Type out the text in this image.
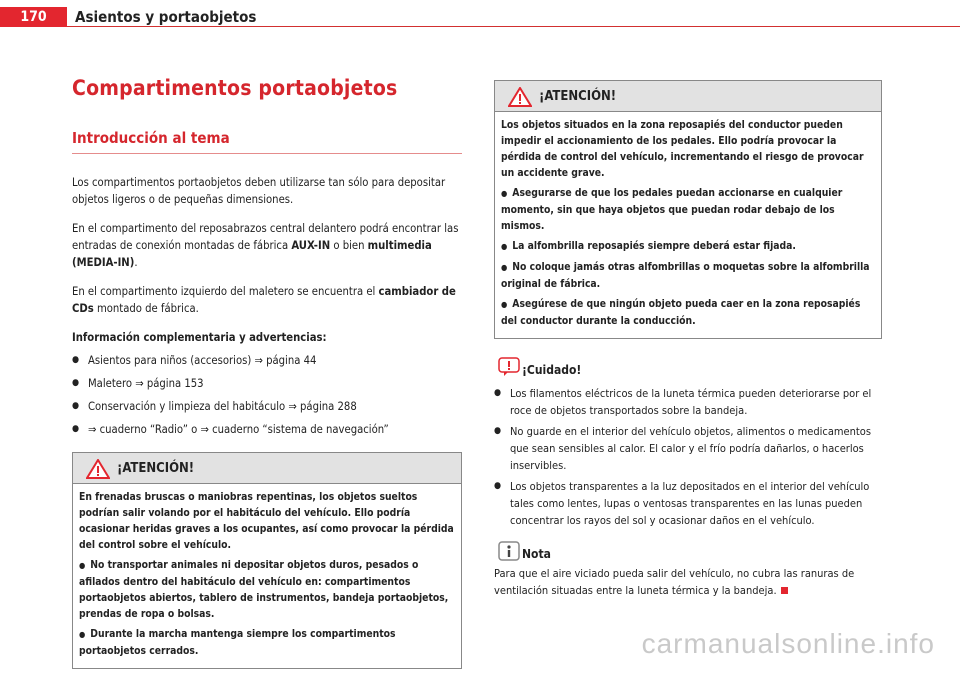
170	Asientos y portaobjetos
Compartimentos portaobjetos
Introducción al tema

Los compartimentos portaobjetos deben utilizarse tan sólo para depositar objetos ligeros o de pequeñas dimensiones.

En el compartimento del reposabrazos central delantero podrá encontrar las entradas de conexión montadas de fábrica AUX-IN o bien multimedia (MEDIA-IN).

En el compartimento izquierdo del maletero se encuentra el cambiador de CDs montado de fábrica.

Información complementaria y advertencias:

● Asientos para niños (accesorios) ⇒ página 44
● Maletero ⇒ página 153
● Conservación y limpieza del habitáculo ⇒ página 288
● ⇒ cuaderno “Radio” o ⇒ cuaderno “sistema de navegación”
¡ATENCIÓN!

En frenadas bruscas o maniobras repentinas, los objetos sueltos podrían salir volando por el habitáculo del vehículo. Ello podría ocasionar heridas graves a los ocupantes, así como provocar la pérdida del control sobre el vehículo.

● No transportar animales ni depositar objetos duros, pesados o afilados dentro del habitáculo del vehículo en: compartimentos portaobjetos abiertos, tablero de instrumentos, bandeja portaobjetos, prendas de ropa o bolsas.
● Durante la marcha mantenga siempre los compartimentos portaobjetos cerrados.
¡ATENCIÓN!

Los objetos situados en la zona reposapiés del conductor pueden impedir el accionamiento de los pedales. Ello podría provocar la pérdida de control del vehículo, incrementando el riesgo de provocar un accidente grave.

● Asegurarse de que los pedales puedan accionarse en cualquier momento, sin que haya objetos que puedan rodar debajo de los mismos.
● La alfombrilla reposapiés siempre deberá estar fijada.
● No coloque jamás otras alfombrillas o moquetas sobre la alfombrilla original de fábrica.
● Asegúrese de que ningún objeto pueda caer en la zona reposapiés del conductor durante la conducción.
¡Cuidado!
● Los filamentos eléctricos de la luneta térmica pueden deteriorarse por el roce de objetos transportados sobre la bandeja.
● No guarde en el interior del vehículo objetos, alimentos o medicamentos que sean sensibles al calor. El calor y el frío podría dañarlos, o hacerlos inservibles.
● Los objetos transparentes a la luz depositados en el interior del vehículo tales como lentes, lupas o ventosas transparentes en las lunas pueden concentrar los rayos del sol y ocasionar daños en el vehículo.
Nota

Para que el aire viciado pueda salir del vehículo, no cubra las ranuras de ventilación situadas entre la luneta térmica y la bandeja.

carmanualsonline.info
